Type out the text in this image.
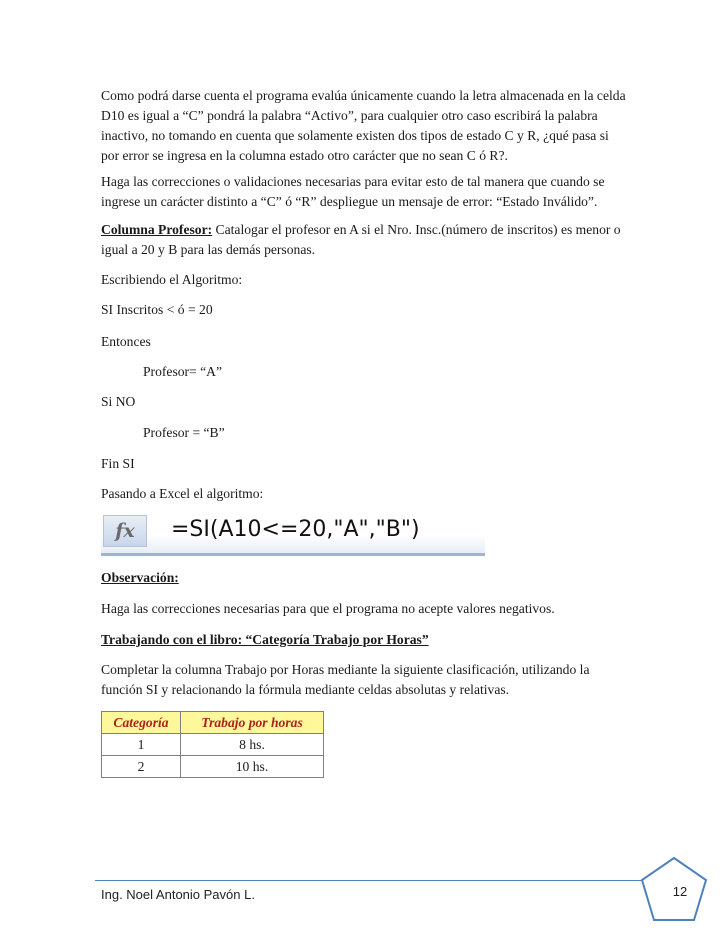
Como podrá darse cuenta el programa evalúa únicamente cuando la letra almacenada en la celda D10 es igual a “C” pondrá la palabra “Activo”, para cualquier otro caso escribirá la palabra inactivo, no tomando en cuenta que solamente existen dos tipos de estado C y R, ¿qué pasa si por error se ingresa en la columna estado otro carácter que no sean C ó R?.
Haga las correcciones o validaciones necesarias para evitar esto de tal manera que cuando se ingrese un carácter distinto a “C” ó “R” despliegue un mensaje de error: “Estado Inválido”.
Columna Profesor: Catalogar el profesor en A si el Nro. Insc.(número de inscritos) es menor o igual a 20 y B para las demás personas.
Escribiendo el Algoritmo:
SI Inscritos < ó = 20
Entonces
Profesor= “A”
Si NO
Profesor = “B”
Fin SI
Pasando a Excel el algoritmo:
fx =SI(A10<=20,"A","B")
Observación:
Haga las correcciones necesarias para que el programa no acepte valores negativos.
Trabajando con el libro: “Categoría Trabajo por Horas”
Completar la columna Trabajo por Horas mediante la siguiente clasificación, utilizando la función SI y relacionando la fórmula mediante celdas absolutas y relativas.
Categoría	Trabajo por horas
1	8 hs.
2	10 hs.
Ing. Noel Antonio Pavón L.	12
